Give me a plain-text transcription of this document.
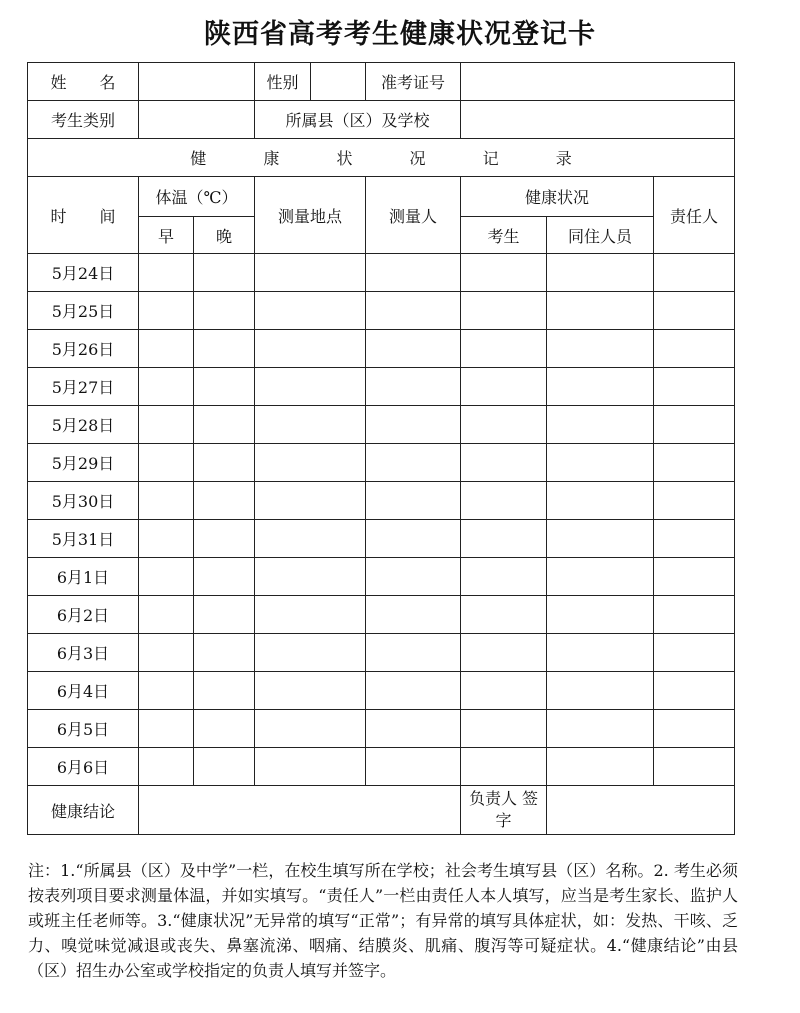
陕西省高考考生健康状况登记卡
姓 名			性别		准考证号			
考生类别			所属县（区）及学校					
健 康 状 况 记 录								
时 间	体温（℃）		测量地点		测量人	健康状况		责任人
	早	晚				考生	同住人员	
5月24日								
5月25日								
5月26日								
5月27日								
5月28日								
5月29日								
5月30日								
5月31日								
6月1日								
6月2日								
6月3日								
6月4日								
6月5日								
6月6日								
健康结论						负责人 签字		
注：1.“所属县（区）及中学”一栏，在校生填写所在学校；社会考生填写县（区）名称。2. 考生必须按表列项目要求测量体温，并如实填写。“责任人”一栏由责任人本人填写，应当是考生家长、监护人或班主任老师等。3.“健康状况”无异常的填写“正常”；有异常的填写具体症状，如：发热、干咳、乏力、嗅觉味觉减退或丧失、鼻塞流涕、咽痛、结膜炎、肌痛、腹泻等可疑症状。4.“健康结论”由县（区）招生办公室或学校指定的负责人填写并签字。
